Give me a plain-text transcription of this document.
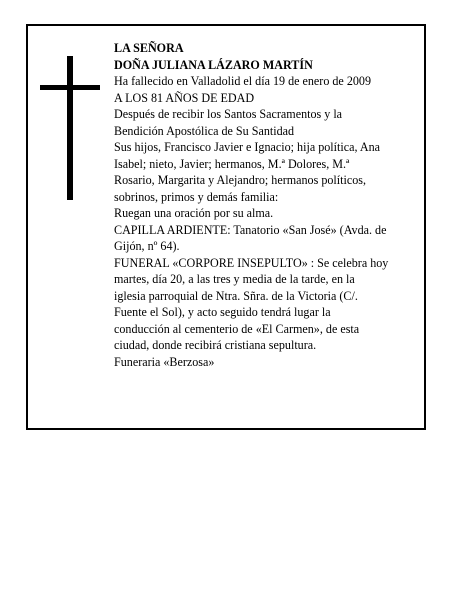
LA SEÑORA

DOÑA JULIANA LÁZARO MARTÍN

Ha fallecido en Valladolid el día 19 de enero de 2009

A LOS 81 AÑOS DE EDAD

Después de recibir los Santos Sacramentos y la

Bendición Apostólica de Su Santidad

Sus hijos, Francisco Javier e Ignacio; hija política, Ana

Isabel; nieto, Javier; hermanos, M.ª Dolores, M.ª

Rosario, Margarita y Alejandro; hermanos políticos,

sobrinos, primos y demás familia:

Ruegan una oración por su alma.

CAPILLA ARDIENTE: Tanatorio «San José» (Avda. de

Gijón, nº 64).

FUNERAL «CORPORE INSEPULTO» : Se celebra hoy

martes, día 20, a las tres y media de la tarde, en la

iglesia parroquial de Ntra. Sñra. de la Victoria (C/.

Fuente el Sol), y acto seguido tendrá lugar la

conducción al cementerio de «El Carmen», de esta

ciudad, donde recibirá cristiana sepultura.

Funeraria «Berzosa»
